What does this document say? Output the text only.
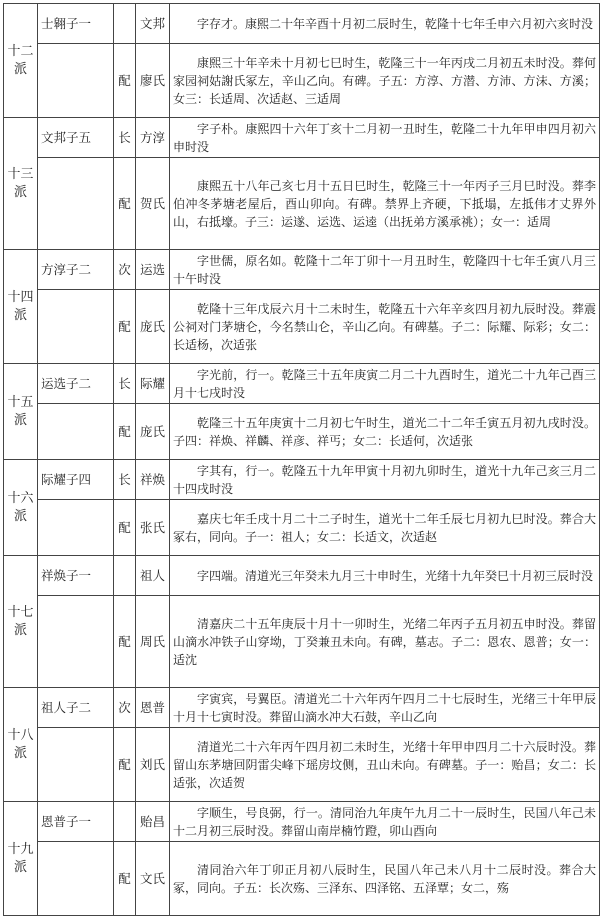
十二派	士翱子一		文邦	字存才。康熙二十年辛酉十月初二辰时生，乾隆十七年壬申六月初六亥时没
		配	廖氏	康熙三十年辛未十月初七巳时生，乾隆三十一年丙戌二月初五未时没。葬何家园祠姑謝氏冢左，辛山乙向。有碑。子五：方淳、方潜、方沛、方沫、方溪；女三：长适周、次适赵、三适周
十三派	文邦子五	长	方淳	字子朴。康熙四十六年丁亥十二月初一丑时生，乾隆二十九年甲申四月初六申时没
		配	贺氏	康熙五十八年己亥七月十五日巳时生，乾隆三十一年丙子三月巳时没。葬李伯冲冬茅塘老屋后，酉山卯向。有碑。禁界上齐硬，下抵塌，左抵伟才丈界外山，右抵壕。子三：运遂、运选、运逵（出抚弟方溪承祧）；女一：适周
十四派	方淳子二	次	运选	字世儒，原名如。乾隆十二年丁卯十一月丑时生，乾隆四十七年壬寅八月三十午时没
		配	庞氏	乾隆十三年戊辰六月十二未时生，乾隆五十六年辛亥四月初九辰时没。葬震公祠对门茅塘仑，今名禁山仑，辛山乙向。有碑墓。子二：际耀、际彩；女二：长适杨，次适张
十五派	运选子二	长	际耀	字光前，行一。乾隆三十五年庚寅二月二十九酉时生，道光二十九年己酉三月十七戌时没
		配	庞氏	乾隆三十五年庚寅十二月初七午时生，道光二十二年壬寅五月初九戌时没。子四：祥焕、祥麟、祥彦、祥丐；女二：长适何，次适张
十六派	际耀子四	长	祥焕	字其有，行一。乾隆五十九年甲寅十月初九卯时生，道光十九年己亥三月二十四戌时没
		配	张氏	嘉庆七年壬戌十月二十二子时生，道光十二年壬辰七月初九巳时没。葬合大冢右，同向。子一：祖人；女二：长适文，次适赵
十七派	祥焕子一		祖人	字四端。清道光三年癸未九月三十申时生，光绪十九年癸巳十月初三辰时没
		配	周氏	清嘉庆二十五年庚辰十月十一卯时生，光绪二年丙子五月初五申时没。葬留山滴水冲铁子山穿坳，丁癸兼丑未向。有碑，墓志。子二：恩农、恩普；女一：适沈
十八派	祖人子二	次	恩普	字寅宾，号翼臣。清道光二十六年丙午四月二十七辰时生，光绪三十年甲辰十月十七寅时没。葬留山滴水冲大石鼓，辛山乙向
		配	刘氏	清道光二十六年丙午四月初二未时生，光绪十年甲申四月二十六辰时没。葬留山东茅塘回阴雷尖峰下瑶房坟侧，丑山未向。有碑墓。子一：贻昌；女二：长适张，次适贺
十九派	恩普子一		贻昌	字顺生，号良弼，行一。清同治九年庚午九月二十一辰时生，民国八年己未十二月初三辰时没。葬留山南岸楠竹蹬，卯山酉向
		配	文氏	清同治六年丁卯正月初八辰时生，民国八年己未八月十二辰时没。葬合大冢，同向。子五：长次殇、三泽东、四泽铭、五泽覃；女二，殇
